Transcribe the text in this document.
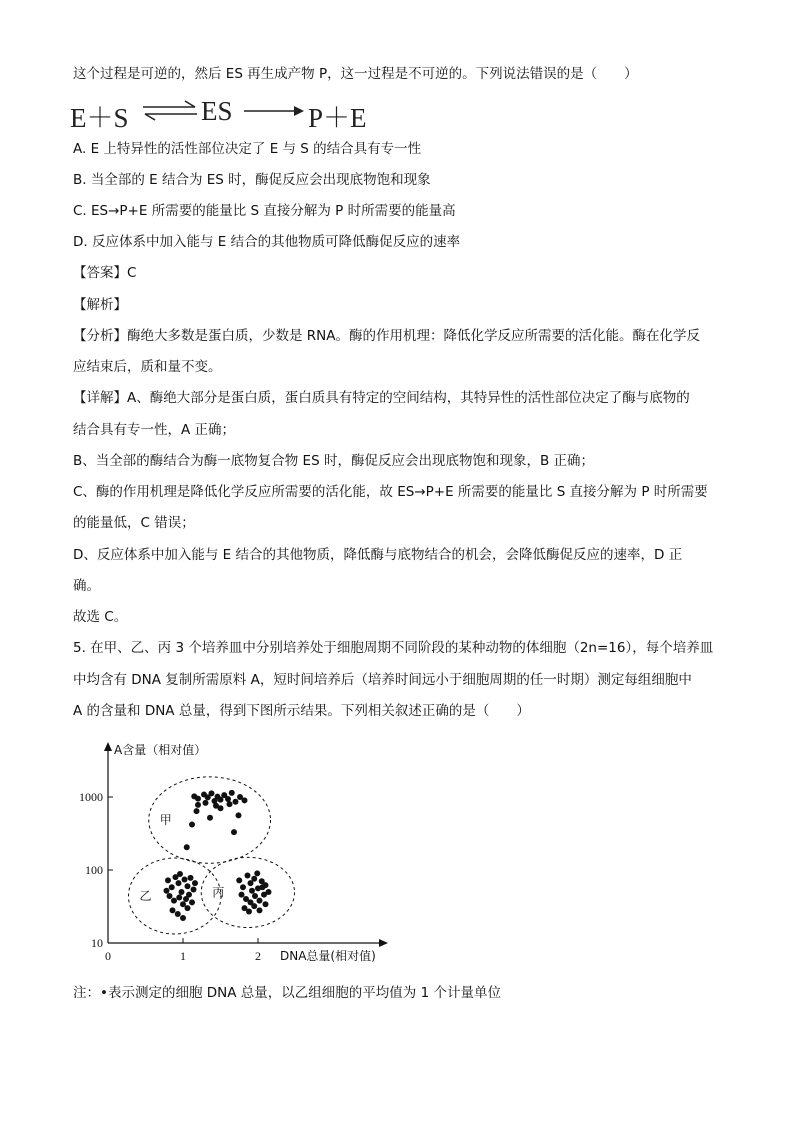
这个过程是可逆的，然后 ES 再生成产物 P，这一过程是不可逆的。下列说法错误的是（　　）
E＋S ⇌ ES	P＋E
A. E 上特异性的活性部位决定了 E 与 S 的结合具有专一性
B. 当全部的 E 结合为 ES 时，酶促反应会出现底物饱和现象
C. ES→P+E 所需要的能量比 S 直接分解为 P 时所需要的能量高
D. 反应体系中加入能与 E 结合的其他物质可降低酶促反应的速率
【答案】C
【解析】
【分析】酶绝大多数是蛋白质，少数是 RNA。酶的作用机理：降低化学反应所需要的活化能。酶在化学反
应结束后，质和量不变。
【详解】A、酶绝大部分是蛋白质，蛋白质具有特定的空间结构，其特异性的活性部位决定了酶与底物的
结合具有专一性，A 正确；
B、当全部的酶结合为酶一底物复合物 ES 时，酶促反应会出现底物饱和现象，B 正确；
C、酶的作用机理是降低化学反应所需要的活化能，故 ES→P+E 所需要的能量比 S 直接分解为 P 时所需要
的能量低，C 错误；
D、反应体系中加入能与 E 结合的其他物质，降低酶与底物结合的机会，会降低酶促反应的速率，D 正
确。
故选 C。
5. 在甲、乙、丙 3 个培养皿中分别培养处于细胞周期不同阶段的某种动物的体细胞（2n=16），每个培养皿
中均含有 DNA 复制所需原料 A，短时间培养后（培养时间远小于细胞周期的任一时期）测定每组细胞中
A 的含量和 DNA 总量，得到下图所示结果。下列相关叙述正确的是（　　）
0	1	2
10
100
1000
A含量（相对值）
DNA总量(相对值)
甲
乙	丙
注：•表示测定的细胞 DNA 总量，以乙组细胞的平均值为 1 个计量单位
